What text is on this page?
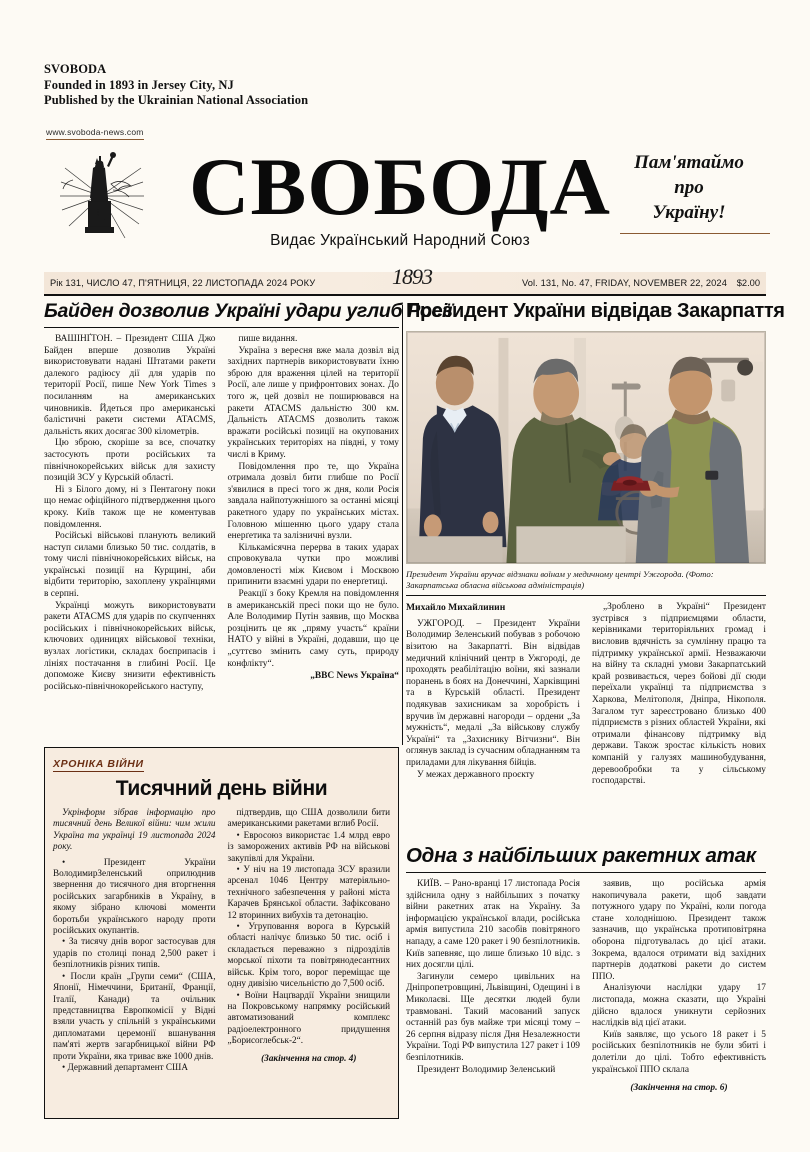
SVOBODA
Founded in 1893 in Jersey City, NJ
Published by the Ukrainian National Association
www.svoboda-news.com
СВОБОДА
Видає Український Народний Союз
Пам'ятаймо
про
Україну!
Рік 131, ЧИСЛО 47, П'ЯТНИЦЯ, 22 ЛИСТОПАДА 2024 РОКУ	1893	Vol. 131, No. 47, FRIDAY, NOVEMBER 22, 2024 $2.00
Байден дозволив Україні удари углиб Росії

ВАШІНҐТОН. – Президент США Джо Байден вперше дозволив Україні використовувати надані Штатами ракети далекого радіюсу дії для ударів по території Росії, пише New York Times з посиланням на американських чиновників. Йдеться про американські балістичні ракети системи ATACMS, дальність яких досягає 300 кілометрів.

Цю зброю, скоріше за все, спочатку застосують проти російських та північнокорейських військ для захисту позицій ЗСУ у Курській області.

Ні з Білого дому, ні з Пентагону поки що немає офіційного підтвердження цього кроку. Київ також ще не коментував повідомлення.

Російські військові планують великий наступ силами близько 50 тис. солдатів, в тому числі північнокорейських військ, на українські позиції на Курщині, аби відбити територію, захоплену українцями в серпні.

Українці можуть використовувати ракети ATACMS для ударів по скупченнях російських і північнокорейських військ, ключових одиницях військової техніки, вузлах логістики, складах боєприпасів і лініях постачання в глибині Росії. Це допоможе Києву знизити ефективність російсько-північнокорейського наступу,

пише видання.

Україна з вересня вже мала дозвіл від західних партнерів використовувати їхню зброю для враження цілей на території Росії, але лише у прифронтових зонах. До того ж, цей дозвіл не поширювався на ракети ATACMS дальністю 300 км. Дальність ATACMS дозволить також вражати російські позиції на окупованих українських територіях на півдні, у тому числі в Криму.

Повідомлення про те, що Україна отримала дозвіл бити глибше по Росії з'явилися в пресі того ж дня, коли Росія завдала найпотужнішого за останні місяці ракетного удару по українських містах. Головною мішенню цього удару стала енерґетика та залізничні вузли.

Кількамісячна перерва в таких ударах спровокувала чутки про можливі домовленості між Києвом і Москвою припинити взаємні удари по енерґетиці.

Реакції з боку Кремля на повідомлення в американській пресі поки що не було. Але Володимир Путін заявив, що Москва розцінить це як „пряму участь“ країни НАТО у війні в Україні, додавши, що це „суттєво змінить саму суть, природу конфлікту“.

„BBC News Україна“

Президент України відвідав Закарпаття
Президент України вручає відзнаки воїнам у медичному центрі Ужгорода. (Фото: Закарпатська обласна військова адміністрація)

Михайло Михайлинин

УЖГОРОД. – Президент України Володимир Зеленський побував з робочою візитою на Закарпатті. Він відвідав медичний клінічний центр в Ужгороді, де проходять реабілітацію воїни, які зазнали поранень в боях на Донеччині, Харківщині та в Курській області. Президент подякував захисникам за хоробрість і вручив їм державні нагороди – ордени „За мужність“, медалі „За військову службу Україні“ та „Захиснику Вітчизни“. Він оглянув заклад із сучасним обладнанням та приладами для лікування бійців.

У межах державного проєкту

„Зроблено в Україні“ Президент зустрівся з підприємцями области, керівниками територіяльних громад і висловив вдячність за сумлінну працю та підтримку української армії. Незважаючи на війну та складні умови Закарпатський край розвивається, через бойові дії сюди переїхали українці та підприємства з Харкова, Мелітополя, Дніпра, Нікополя. Загалом тут зареєстровано близько 400 підприємств з різних областей України, які отримали фінансову підтримку від держави. Також зростає кількість нових компаній у галузях машинобудування, деревообробки та у сільському господарстві.

ХРОНІКА ВІЙНИ
Тисячний день війни

Укрінформ зібрав інформацію про тисячний день Великої війни: чим жили Україна та українці 19 листопада 2024 року.

• Президент України ВолодимирЗеленський оприлюднив звернення до тисячного дня вторгнення російських загарбників в Україну, в якому зібрано ключові моменти боротьби українського народу проти російських окупантів.

• За тисячу днів ворог застосував для ударів по столиці понад 2,500 ракет і безпілотників різних типів.

• Посли країн „Групи семи“ (США, Японії, Німеччини, Британії, Франції, Італії, Канади) та очільник представництва Европкомісії у Відні взяли участь у спільній з українськими дипломатами церемонії вшанування пам'яті жертв загарбницької війни РФ проти України, яка триває вже 1000 днів.

• Державний департамент США

підтвердив, що США дозволили бити американськими ракетами вглиб Росії.

• Евросоюз використає 1.4 млрд евро із заморожених активів РФ на військові закупівлі для України.

• У ніч на 19 листопада ЗСУ вразили арсенал 1046 Центру матеріяльно-технічного забезпечення у районі міста Карачев Брянської области. Зафіксовано 12 вторинних вибухів та детонацію.

• Угруповання ворога в Курській області налічує близько 50 тис. осіб і складається переважно з підрозділів морської піхоти та повітрянодесантних військ. Крім того, ворог переміщає ще одну дивізію чисельністю до 7,500 осіб.

• Воїни Нацґвардії України знищили на Покровському напрямку російський автоматизований комплекс радіоелектронного придушення „Борисоглебськ-2“.

(Закінчення на стор. 4)

Одна з найбільших ракетних атак

КИЇВ. – Рано-вранці 17 листопада Росія здійснила одну з найбільших з початку війни ракетних атак на Україну. За інформацією української влади, російська армія випустила 210 засобів повітряного нападу, а саме 120 ракет і 90 безпілотників. Київ запевняє, що лише близько 10 відс. з них досягли цілі.

Загинули семеро цивільних на Дніпропетровщині, Львівщині, Одещині і в Миколаєві. Ще десятки людей були травмовані. Такий масований запуск останній раз був майже три місяці тому – 26 серпня відразу після Дня Незалежности України. Тоді РФ випустила 127 ракет і 109 безпілотників.

Президент Володимир Зеленський

заявив, що російська армія накопичувала ракети, щоб завдати потужного удару по Україні, коли погода стане холоднішою. Президент також зазначив, що українська протиповітряна оборона підготувалась до цієї атаки. Зокрема, вдалося отримати від західних партнерів додаткові ракети до систем ППО.

Аналізуючи наслідки удару 17 листопада, можна сказати, що Україні дійсно вдалося уникнути серйозних наслідків від цієї атаки.

Київ заявляє, що усього 18 ракет і 5 російських безпілотників не були збиті і долетіли до цілі. Тобто ефективність української ППО склала

(Закінчення на стор. 6)
